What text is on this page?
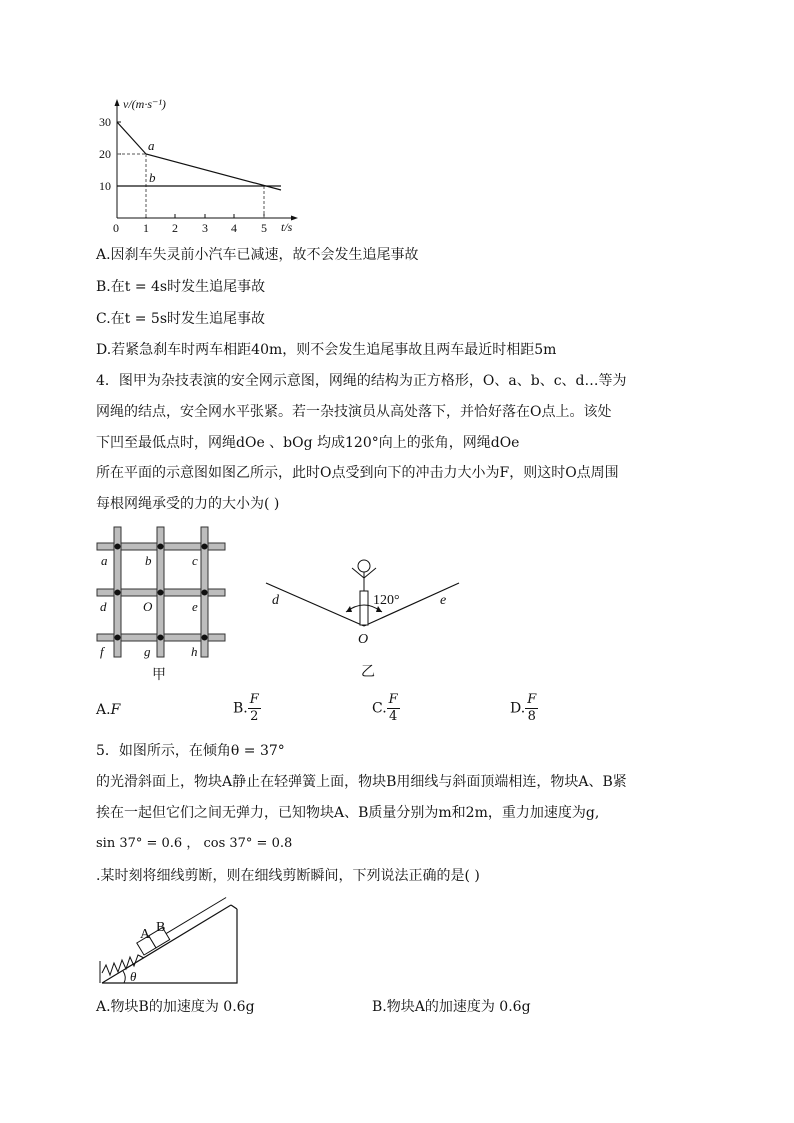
v/(m·s⁻¹)
t/s
30
20
10
0 1 2 3 4 5
a
b
A.因刹车失灵前小汽车已减速，故不会发生追尾事故
B.在t = 4s时发生追尾事故
C.在t = 5s时发生追尾事故
D.若紧急刹车时两车相距40m，则不会发生追尾事故且两车最近时相距5m
4．图甲为杂技表演的安全网示意图，网绳的结构为正方格形，O、a、b、c、d…等为
网绳的结点，安全网水平张紧。若一杂技演员从高处落下，并恰好落在O点上。该处
下凹至最低点时，网绳dOe 、bOg 均成120°向上的张角，网绳dOe
所在平面的示意图如图乙所示，此时O点受到向下的冲击力大小为F，则这时O点周围
每根网绳承受的力的大小为( )
a	b	c
d	O	e
f	g	h
甲
120°
d	e
O
乙
A.F	B. $\frac{F}{2}$	C. $\frac{F}{4}$	D. $\frac{F}{8}$
5．如图所示，在倾角θ = 37°
的光滑斜面上，物块A静止在轻弹簧上面，物块B用细线与斜面顶端相连，物块A、B紧
挨在一起但它们之间无弹力，已知物块A、B质量分别为m和2m，重力加速度为g,
sin 37° = 0.6 ， cos 37° = 0.8
.某时刻将细线剪断，则在细线剪断瞬间，下列说法正确的是( )
A B
θ
A.物块B的加速度为 0.6g	B.物块A的加速度为 0.6g
